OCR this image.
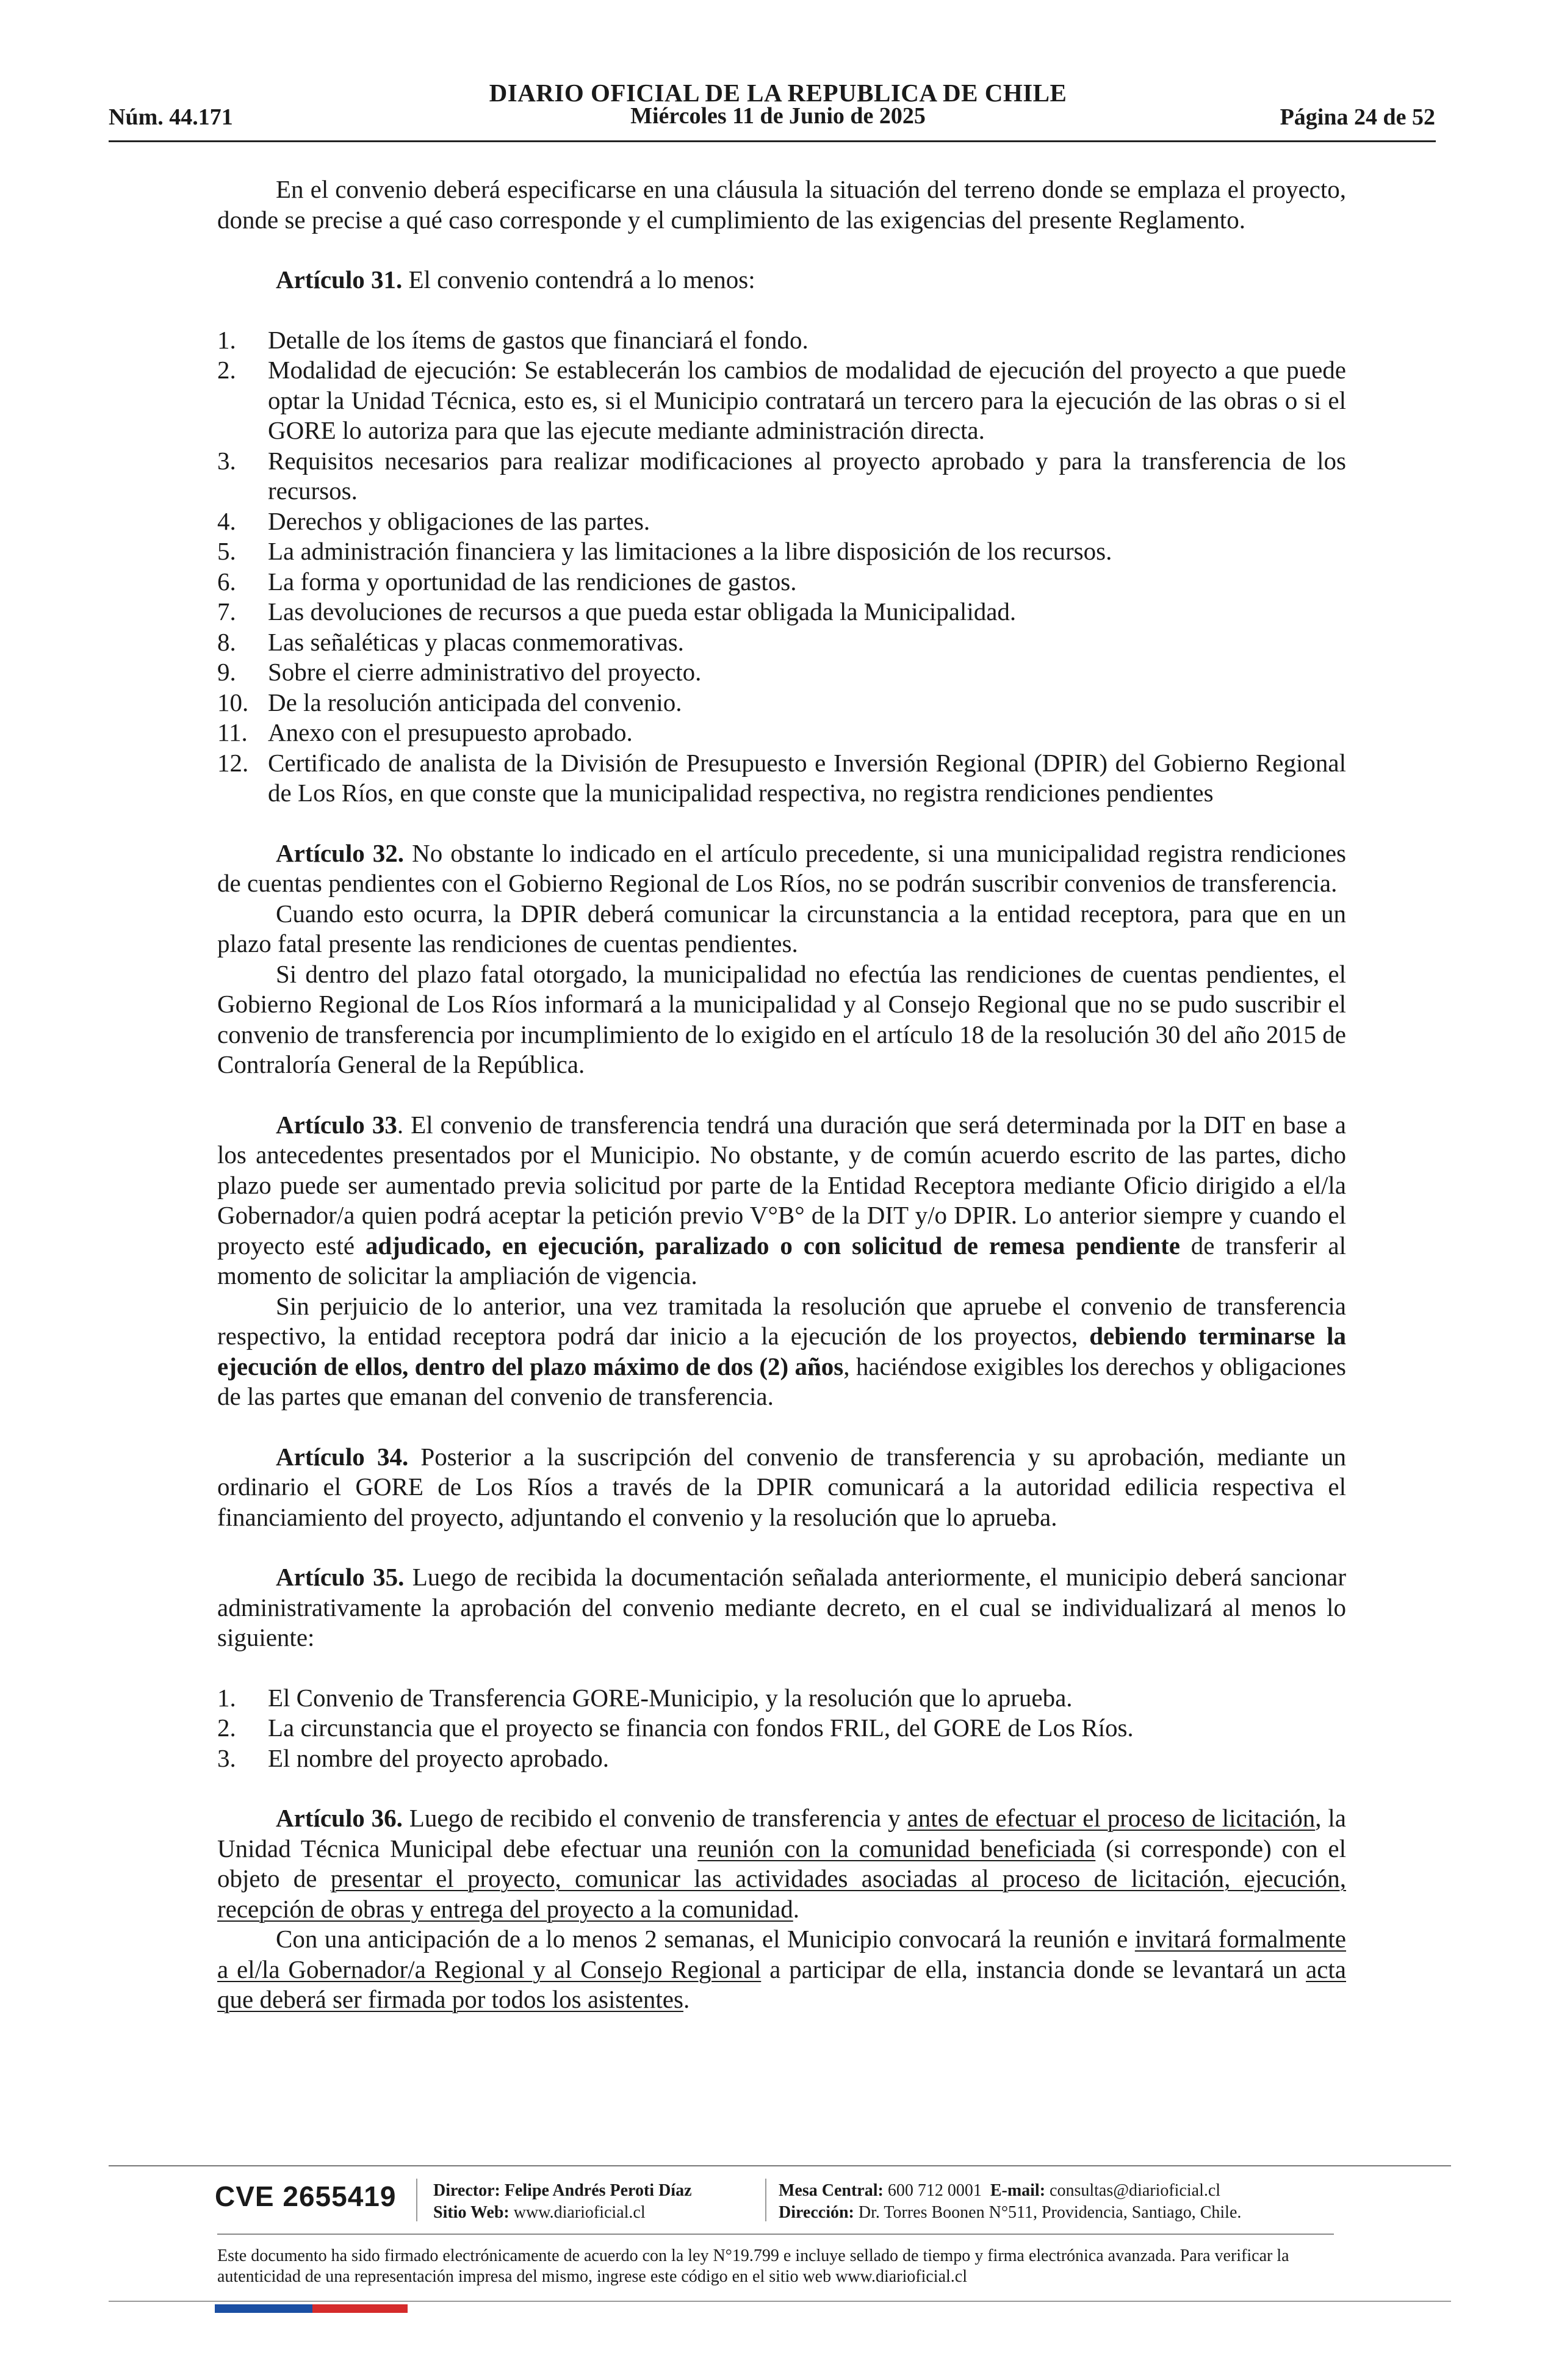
DIARIO OFICIAL DE LA REPUBLICA DE CHILE
Núm. 44.171	Miércoles 11 de Junio de 2025	Página 24 de 52

En el convenio deberá especificarse en una cláusula la situación del terreno donde se emplaza el proyecto, donde se precise a qué caso corresponde y el cumplimiento de las exigencias del presente Reglamento.

Artículo 31. El convenio contendrá a lo menos:

1. Detalle de los ítems de gastos que financiará el fondo.
2. Modalidad de ejecución: Se establecerán los cambios de modalidad de ejecución del proyecto a que puede optar la Unidad Técnica, esto es, si el Municipio contratará un tercero para la ejecución de las obras o si el GORE lo autoriza para que las ejecute mediante administración directa.
3. Requisitos necesarios para realizar modificaciones al proyecto aprobado y para la transferencia de los recursos.
4. Derechos y obligaciones de las partes.
5. La administración financiera y las limitaciones a la libre disposición de los recursos.
6. La forma y oportunidad de las rendiciones de gastos.
7. Las devoluciones de recursos a que pueda estar obligada la Municipalidad.
8. Las señaléticas y placas conmemorativas.
9. Sobre el cierre administrativo del proyecto.
10. De la resolución anticipada del convenio.
11. Anexo con el presupuesto aprobado.
12. Certificado de analista de la División de Presupuesto e Inversión Regional (DPIR) del Gobierno Regional de Los Ríos, en que conste que la municipalidad respectiva, no registra rendiciones pendientes

Artículo 32. No obstante lo indicado en el artículo precedente, si una municipalidad registra rendiciones de cuentas pendientes con el Gobierno Regional de Los Ríos, no se podrán suscribir convenios de transferencia.

Cuando esto ocurra, la DPIR deberá comunicar la circunstancia a la entidad receptora, para que en un plazo fatal presente las rendiciones de cuentas pendientes.

Si dentro del plazo fatal otorgado, la municipalidad no efectúa las rendiciones de cuentas pendientes, el Gobierno Regional de Los Ríos informará a la municipalidad y al Consejo Regional que no se pudo suscribir el convenio de transferencia por incumplimiento de lo exigido en el artículo 18 de la resolución 30 del año 2015 de Contraloría General de la República.

Artículo 33. El convenio de transferencia tendrá una duración que será determinada por la DIT en base a los antecedentes presentados por el Municipio. No obstante, y de común acuerdo escrito de las partes, dicho plazo puede ser aumentado previa solicitud por parte de la Entidad Receptora mediante Oficio dirigido a el/la Gobernador/a quien podrá aceptar la petición previo V°B° de la DIT y/o DPIR. Lo anterior siempre y cuando el proyecto esté adjudicado, en ejecución, paralizado o con solicitud de remesa pendiente de transferir al momento de solicitar la ampliación de vigencia.

Sin perjuicio de lo anterior, una vez tramitada la resolución que apruebe el convenio de transferencia respectivo, la entidad receptora podrá dar inicio a la ejecución de los proyectos, debiendo terminarse la ejecución de ellos, dentro del plazo máximo de dos (2) años, haciéndose exigibles los derechos y obligaciones de las partes que emanan del convenio de transferencia.

Artículo 34. Posterior a la suscripción del convenio de transferencia y su aprobación, mediante un ordinario el GORE de Los Ríos a través de la DPIR comunicará a la autoridad edilicia respectiva el financiamiento del proyecto, adjuntando el convenio y la resolución que lo aprueba.

Artículo 35. Luego de recibida la documentación señalada anteriormente, el municipio deberá sancionar administrativamente la aprobación del convenio mediante decreto, en el cual se individualizará al menos lo siguiente:

1. El Convenio de Transferencia GORE-Municipio, y la resolución que lo aprueba.
2. La circunstancia que el proyecto se financia con fondos FRIL, del GORE de Los Ríos.
3. El nombre del proyecto aprobado.

Artículo 36. Luego de recibido el convenio de transferencia y antes de efectuar el proceso de licitación, la Unidad Técnica Municipal debe efectuar una reunión con la comunidad beneficiada (si corresponde) con el objeto de presentar el proyecto, comunicar las actividades asociadas al proceso de licitación, ejecución, recepción de obras y entrega del proyecto a la comunidad.

Con una anticipación de a lo menos 2 semanas, el Municipio convocará la reunión e invitará formalmente a el/la Gobernador/a Regional y al Consejo Regional a participar de ella, instancia donde se levantará un acta que deberá ser firmada por todos los asistentes.

CVE 2655419 Director: Felipe Andrés Peroti Díaz
Sitio Web: www.diarioficial.cl
Mesa Central: 600 712 0001 E-mail: consultas@diarioficial.cl
Dirección: Dr. Torres Boonen N°511, Providencia, Santiago, Chile.
Este documento ha sido firmado electrónicamente de acuerdo con la ley N°19.799 e incluye sellado de tiempo y firma electrónica avanzada. Para verificar la autenticidad de una representación impresa del mismo, ingrese este código en el sitio web www.diarioficial.cl
